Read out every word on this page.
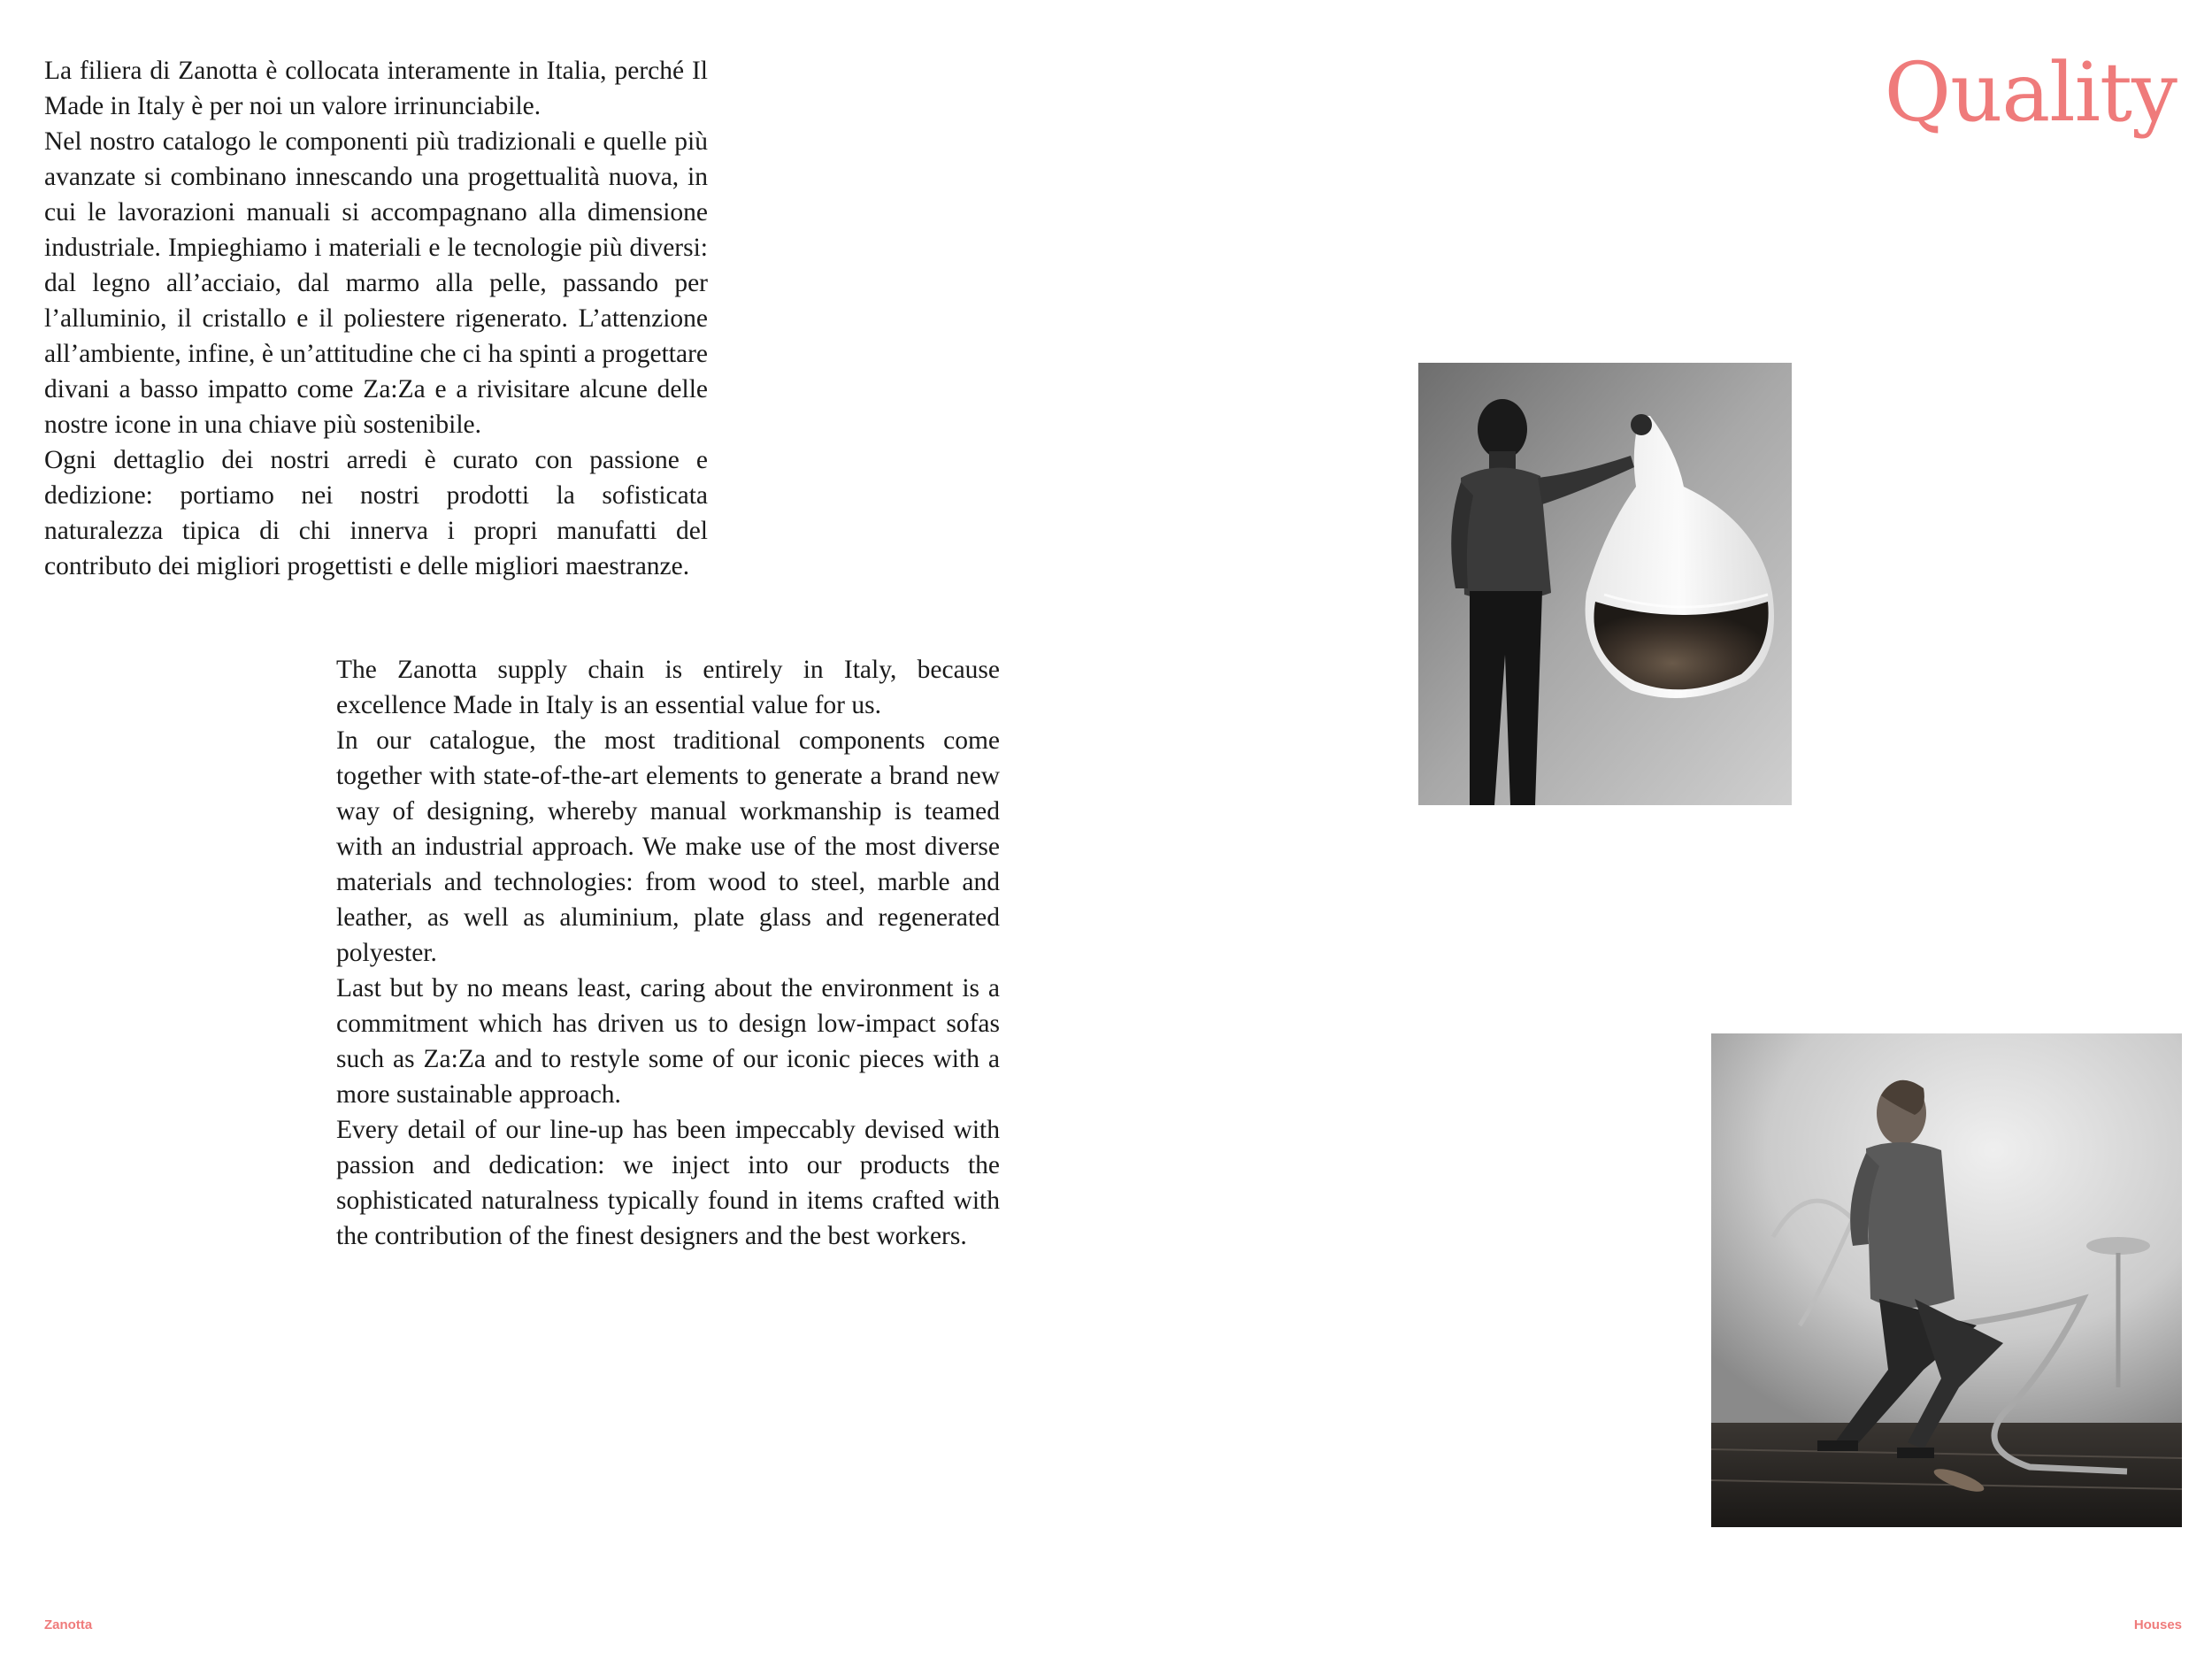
Quality

La filiera di Zanotta è collocata interamente in Italia, perché Il Made in Italy è per noi un valore irrinunciabile.

Nel nostro catalogo le componenti più tradizionali e quelle più avanzate si combinano innescando una progettualità nuova, in cui le lavorazioni manuali si accompagnano alla dimensione industriale. Impieghiamo i materiali e le tecnologie più diversi: dal legno all’acciaio, dal marmo alla pelle, passando per l’alluminio, il cristallo e il poliestere rigenerato. L’attenzione all’ambiente, infine, è un’attitudine che ci ha spinti a progettare divani a basso impatto come Za:Za e a rivisitare alcune delle nostre icone in una chiave più sostenibile.

Ogni dettaglio dei nostri arredi è curato con passione e dedizione: portiamo nei nostri prodotti la sofisticata naturalezza tipica di chi innerva i propri manufatti del contributo dei migliori progettisti e delle migliori maestranze.

The Zanotta supply chain is entirely in Italy, because excellence Made in Italy is an essential value for us.

In our catalogue, the most traditional components come together with state-of-the-art elements to generate a brand new way of designing, whereby manual workmanship is teamed with an industrial approach. We make use of the most diverse materials and technologies: from wood to steel, marble and leather, as well as aluminium, plate glass and regenerated polyester.

Last but by no means least, caring about the environment is a commitment which has driven us to design low-impact sofas such as Za:Za and to restyle some of our iconic pieces with a more sustainable approach.

Every detail of our line-up has been impeccably devised with passion and dedication: we inject into our products the sophisticated naturalness typically found in items crafted with the contribution of the finest designers and the best workers.

Zanotta	Houses
